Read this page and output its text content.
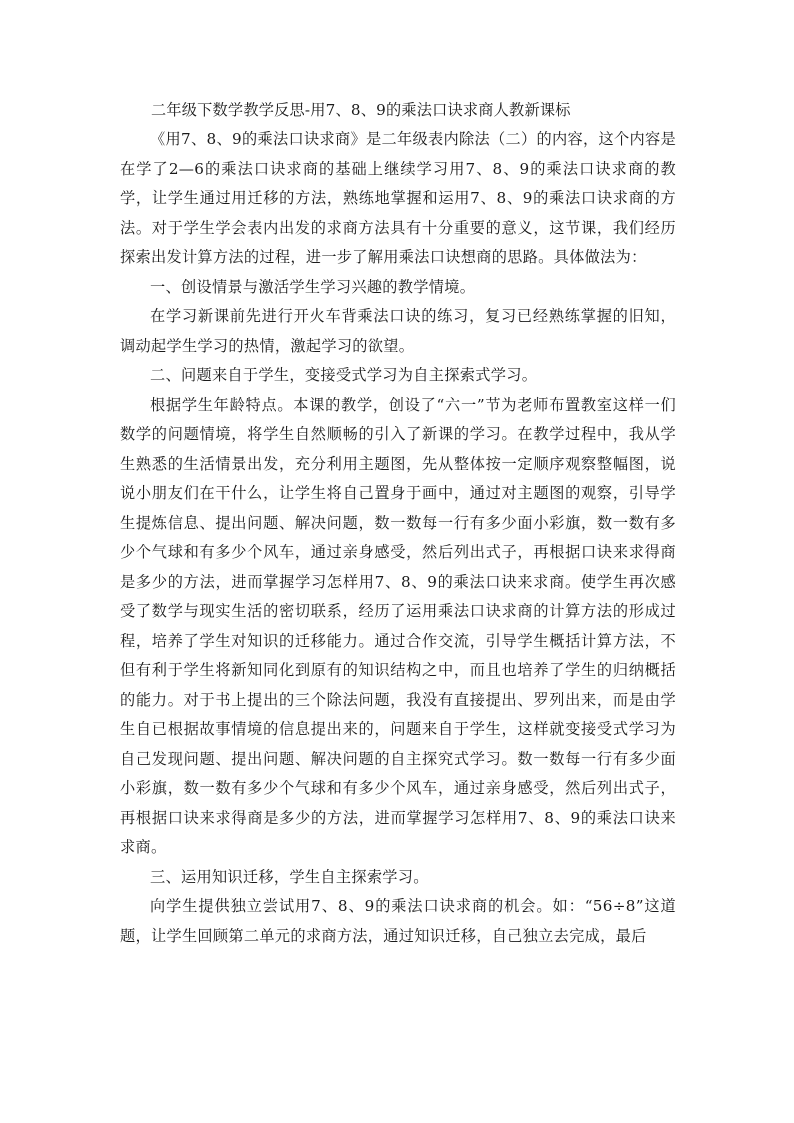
二年级下数学教学反思-用7、8、9的乘法口诀求商人教新课标

《用7、8、9的乘法口诀求商》是二年级表内除法（二）的内容，这个内容是在学了2—6的乘法口诀求商的基础上继续学习用7、8、9的乘法口诀求商的教学，让学生通过用迁移的方法，熟练地掌握和运用7、8、9的乘法口诀求商的方法。对于学生学会表内出发的求商方法具有十分重要的意义，这节课，我们经历探索出发计算方法的过程，进一步了解用乘法口诀想商的思路。具体做法为：

一、创设情景与激活学生学习兴趣的教学情境。

在学习新课前先进行开火车背乘法口诀的练习，复习已经熟练掌握的旧知，调动起学生学习的热情，激起学习的欲望。

二、问题来自于学生，变接受式学习为自主探索式学习。

根据学生年龄特点。本课的教学，创设了“六一”节为老师布置教室这样一们数学的问题情境，将学生自然顺畅的引入了新课的学习。在教学过程中，我从学生熟悉的生活情景出发，充分利用主题图，先从整体按一定顺序观察整幅图，说说小朋友们在干什么，让学生将自己置身于画中，通过对主题图的观察，引导学生提炼信息、提出问题、解决问题，数一数每一行有多少面小彩旗，数一数有多少个气球和有多少个风车，通过亲身感受，然后列出式子，再根据口诀来求得商是多少的方法，进而掌握学习怎样用7、8、9的乘法口诀来求商。使学生再次感受了数学与现实生活的密切联系，经历了运用乘法口诀求商的计算方法的形成过程，培养了学生对知识的迁移能力。通过合作交流，引导学生概括计算方法，不但有利于学生将新知同化到原有的知识结构之中，而且也培养了学生的归纳概括的能力。对于书上提出的三个除法问题，我没有直接提出、罗列出来，而是由学生自已根据故事情境的信息提出来的，问题来自于学生，这样就变接受式学习为自己发现问题、提出问题、解决问题的自主探究式学习。数一数每一行有多少面小彩旗，数一数有多少个气球和有多少个风车，通过亲身感受，然后列出式子，再根据口诀来求得商是多少的方法，进而掌握学习怎样用7、8、9的乘法口诀来求商。

三、运用知识迁移，学生自主探索学习。

向学生提供独立尝试用7、8、9的乘法口诀求商的机会。如：“56÷8”这道题，让学生回顾第二单元的求商方法，通过知识迁移，自己独立去完成，最后
